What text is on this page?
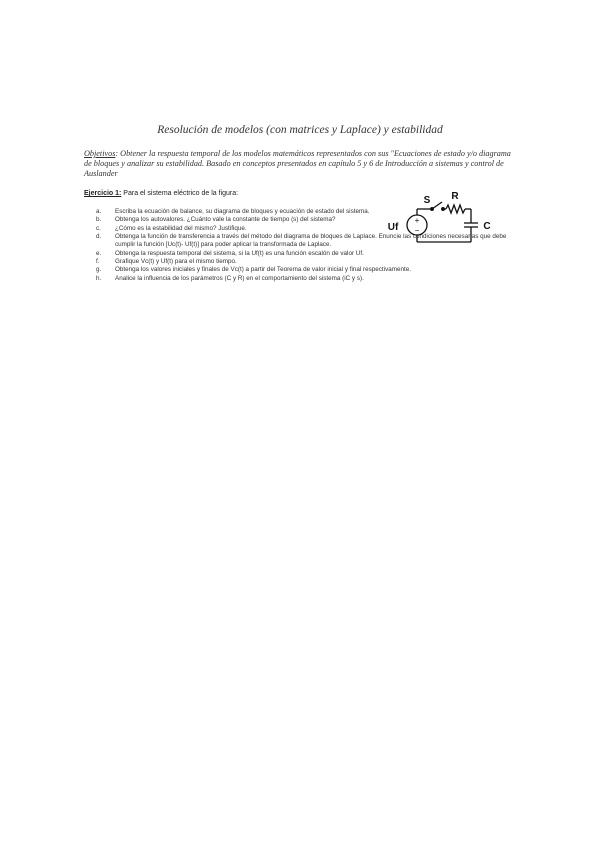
Resolución de modelos (con matrices y Laplace) y estabilidad
Objetivos: Obtener la respuesta temporal de los modelos matemáticos representados con sus "Ecuaciones de estado y/o diagrama de bloques y analizar su estabilidad. Basado en conceptos presentados en capítulo 5 y 6 de Introducción a sistemas y control de Auslander
Ejercicio 1: Para el sistema eléctrico de la figura:
a. Escriba la ecuación de balance, su diagrama de bloques y ecuación de estado del sistema.
b. Obtenga los autovalores. ¿Cuánto vale la constante de tiempo (s) del sistema?
c. ¿Cómo es la estabilidad del mismo? Justifique.
d. Obtenga la función de transferencia a través del método del diagrama de bloques de Laplace. Enuncie las condiciones necesarias que debe cumplir la función [Uc(t)- Uf(t)] para poder aplicar la transformada de Laplace.
e. Obtenga la respuesta temporal del sistema, si la Uf(t) es una función escalón de valor Uf.
f. Grafique Vc(t) y Uf(t) para el mismo tiempo.
g. Obtenga los valores iniciales y finales de Vc(t) a partir del Teorema de valor inicial y final respectivamente.
h. Analice la influencia de los parámetros (C y R) en el comportamiento del sistema (iC y s).
+
−
S R
Uf	C
